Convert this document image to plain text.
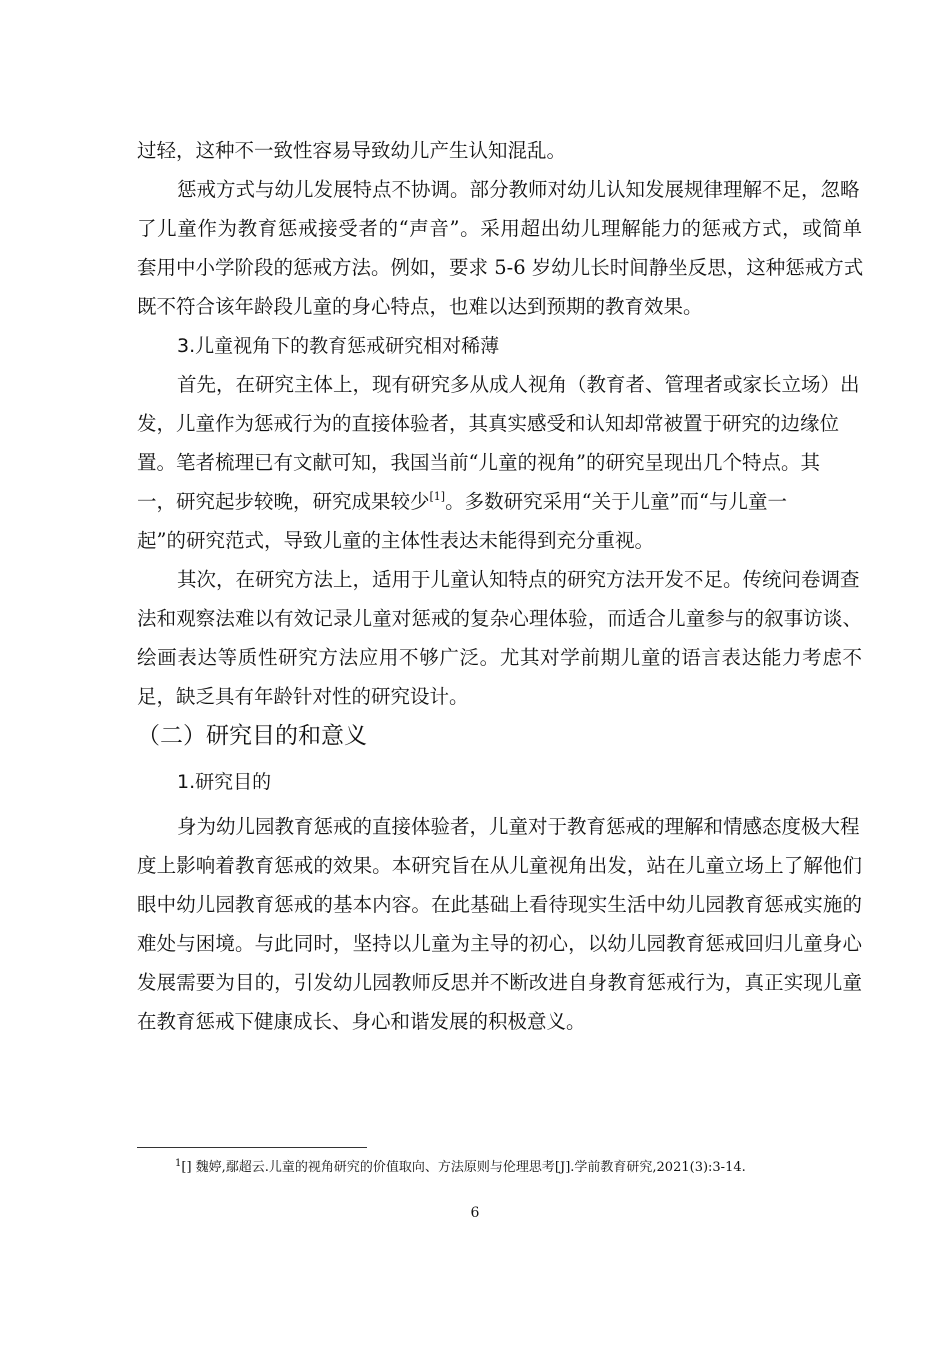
过轻，这种不一致性容易导致幼儿产生认知混乱。
惩戒方式与幼儿发展特点不协调。部分教师对幼儿认知发展规律理解不足，忽略
了儿童作为教育惩戒接受者的“声音”。采用超出幼儿理解能力的惩戒方式，或简单
套用中小学阶段的惩戒方法。例如，要求 5-6 岁幼儿长时间静坐反思，这种惩戒方式
既不符合该年龄段儿童的身心特点，也难以达到预期的教育效果。
3.儿童视角下的教育惩戒研究相对稀薄
首先，在研究主体上，现有研究多从成人视角（教育者、管理者或家长立场）出
发，儿童作为惩戒行为的直接体验者，其真实感受和认知却常被置于研究的边缘位
置。笔者梳理已有文献可知，我国当前“儿童的视角”的研究呈现出几个特点。其
一，研究起步较晚，研究成果较少[1]。多数研究采用“关于儿童”而“与儿童一
起”的研究范式，导致儿童的主体性表达未能得到充分重视。
其次，在研究方法上，适用于儿童认知特点的研究方法开发不足。传统问卷调查
法和观察法难以有效记录儿童对惩戒的复杂心理体验，而适合儿童参与的叙事访谈、
绘画表达等质性研究方法应用不够广泛。尤其对学前期儿童的语言表达能力考虑不
足，缺乏具有年龄针对性的研究设计。
（二）研究目的和意义
1.研究目的
身为幼儿园教育惩戒的直接体验者，儿童对于教育惩戒的理解和情感态度极大程
度上影响着教育惩戒的效果。本研究旨在从儿童视角出发，站在儿童立场上了解他们
眼中幼儿园教育惩戒的基本内容。在此基础上看待现实生活中幼儿园教育惩戒实施的
难处与困境。与此同时，坚持以儿童为主导的初心，以幼儿园教育惩戒回归儿童身心
发展需要为目的，引发幼儿园教师反思并不断改进自身教育惩戒行为，真正实现儿童
在教育惩戒下健康成长、身心和谐发展的积极意义。
$^1$[] 魏婷,鄢超云.儿童的视角研究的价值取向、方法原则与伦理思考[J].学前教育研究,2021(3):3-14.
6
